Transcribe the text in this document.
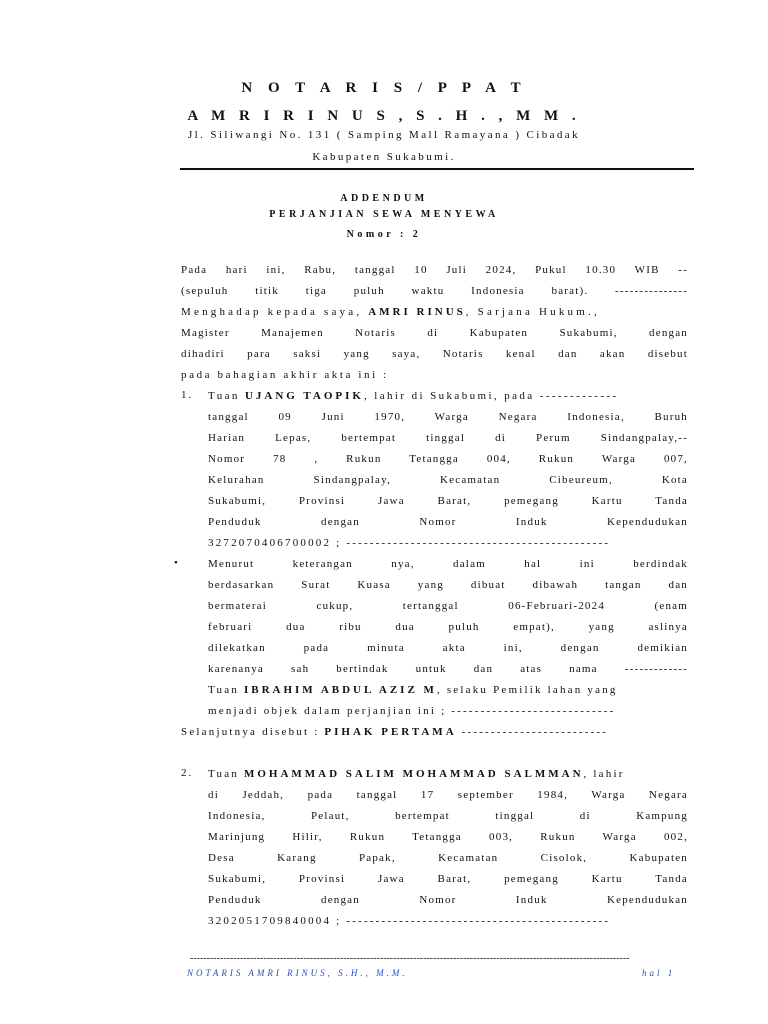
N O T A R I S / P P A T
A M R I R I N U S , S . H . , M M .
Jl. Siliwangi No. 131 ( Samping Mall Ramayana ) Cibadak
Kabupaten Sukabumi.
ADDENDUM
PERJANJIAN SEWA MENYEWA
Nomor : 2
Pada hari ini, Rabu, tanggal 10 Juli 2024, Pukul 10.30 WIB --
(sepuluh titik tiga puluh waktu Indonesia barat). ---------------
Menghadap kepada saya, AMRI RINUS, Sarjana Hukum.,
Magister Manajemen Notaris di Kabupaten Sukabumi, dengan
dihadiri para saksi yang saya, Notaris kenal dan akan disebut
pada bahagian akhir akta ini :
1. Tuan UJANG TAOPIK, lahir di Sukabumi, pada -------------
tanggal 09 Juni 1970, Warga Negara Indonesia, Buruh
Harian Lepas, bertempat tinggal di Perum Sindangpalay,--
Nomor 78 , Rukun Tetangga 004, Rukun Warga 007,
Kelurahan Sindangpalay, Kecamatan Cibeureum, Kota
Sukabumi, Provinsi Jawa Barat, pemegang Kartu Tanda
Penduduk dengan Nomor Induk Kependudukan
3272070406700002 ; ---------------------------------------------
•	Menurut keterangan nya, dalam hal ini berdindak
berdasarkan Surat Kuasa yang dibuat dibawah tangan dan
bermaterai cukup, tertanggal 06-Februari-2024 (enam
februari dua ribu dua puluh empat), yang aslinya
dilekatkan pada minuta akta ini, dengan demikian
karenanya sah bertindak untuk dan atas nama -------------
Tuan IBRAHIM ABDUL AZIZ M, selaku Pemilik lahan yang
menjadi objek dalam perjanjian ini ; ----------------------------
Selanjutnya disebut : PIHAK PERTAMA -------------------------
2. Tuan MOHAMMAD SALIM MOHAMMAD SALMMAN, lahir
di Jeddah, pada tanggal 17 september 1984, Warga Negara
Indonesia, Pelaut, bertempat tinggal di Kampung
Marinjung Hilir, Rukun Tetangga 003, Rukun Warga 002,
Desa Karang Papak, Kecamatan Cisolok, Kabupaten
Sukabumi, Provinsi Jawa Barat, pemegang Kartu Tanda
Penduduk dengan Nomor Induk Kependudukan
3202051709840004 ; ---------------------------------------------
------------------------------------------------------------------------------------------------------------------------------------
NOTARIS AMRI RINUS, S.H., M.M.	hal 1
